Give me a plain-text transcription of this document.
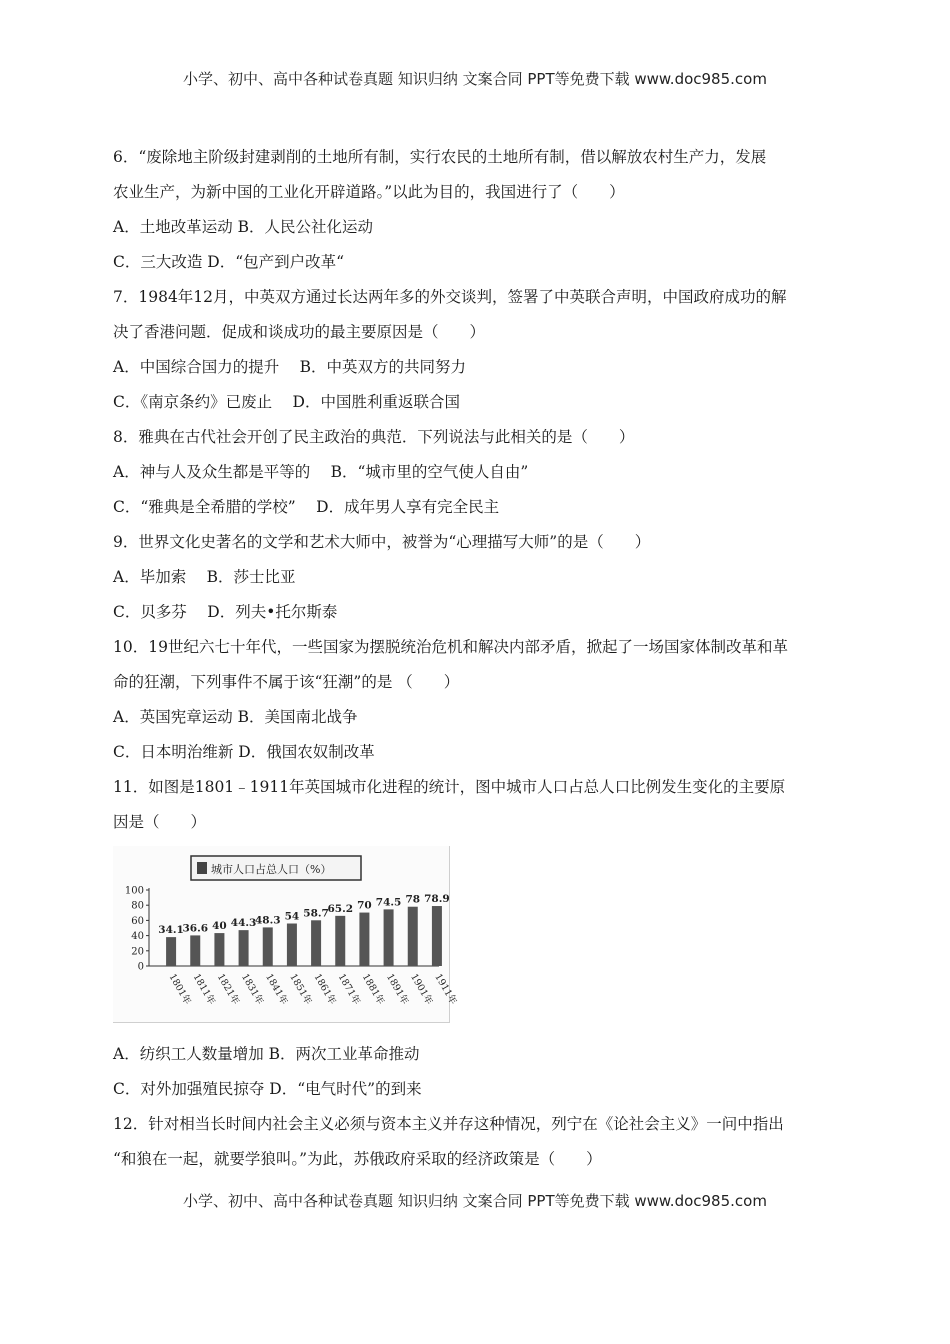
小学、初中、高中各种试卷真题 知识归纳 文案合同 PPT等免费下载 www.doc985.com
6．“废除地主阶级封建剥削的土地所有制，实行农民的土地所有制，借以解放农村生产力，发展
农业生产，为新中国的工业化开辟道路。”以此为目的，我国进行了（　　）
A．土地改革运动 B．人民公社化运动
C．三大改造 D．“包产到户改革“
7．1984年12月，中英双方通过长达两年多的外交谈判，签署了中英联合声明，中国政府成功的解
决了香港问题．促成和谈成功的最主要原因是（　　）
A．中国综合国力的提升　 B．中英双方的共同努力
C．《南京条约》已废止　 D．中国胜利重返联合国
8．雅典在古代社会开创了民主政治的典范．下列说法与此相关的是（　　）
A．神与人及众生都是平等的　 B．“城市里的空气使人自由”
C．“雅典是全希腊的学校”　 D．成年男人享有完全民主
9．世界文化史著名的文学和艺术大师中，被誉为“心理描写大师”的是（　　）
A．毕加索　 B．莎士比亚
C．贝多芬　 D．列夫•托尔斯泰
10．19世纪六七十年代，一些国家为摆脱统治危机和解决内部矛盾，掀起了一场国家体制改革和革
命的狂潮，下列事件不属于该“狂潮”的是 （　　）
A．英国宪章运动 B．美国南北战争
C．日本明治维新 D．俄国农奴制改革
11．如图是1801﹣1911年英国城市化进程的统计，图中城市人口占总人口比例发生变化的主要原
因是（　　）
城市人口占总人口（%）
0
20
40
60
80
100
34.1
1801年
36.6
1811年
40
1821年
44.3
1831年
48.3
1841年
54
1851年
58.7
1861年
65.2
1871年
70
1881年
74.5
1891年
78
1901年
78.9
1911年
A．纺织工人数量增加 B．两次工业革命推动
C．对外加强殖民掠夺 D．“电气时代”的到来
12．针对相当长时间内社会主义必须与资本主义并存这种情况，列宁在《论社会主义》一问中指出
“和狼在一起，就要学狼叫。”为此，苏俄政府采取的经济政策是（　　）
小学、初中、高中各种试卷真题 知识归纳 文案合同 PPT等免费下载 www.doc985.com
